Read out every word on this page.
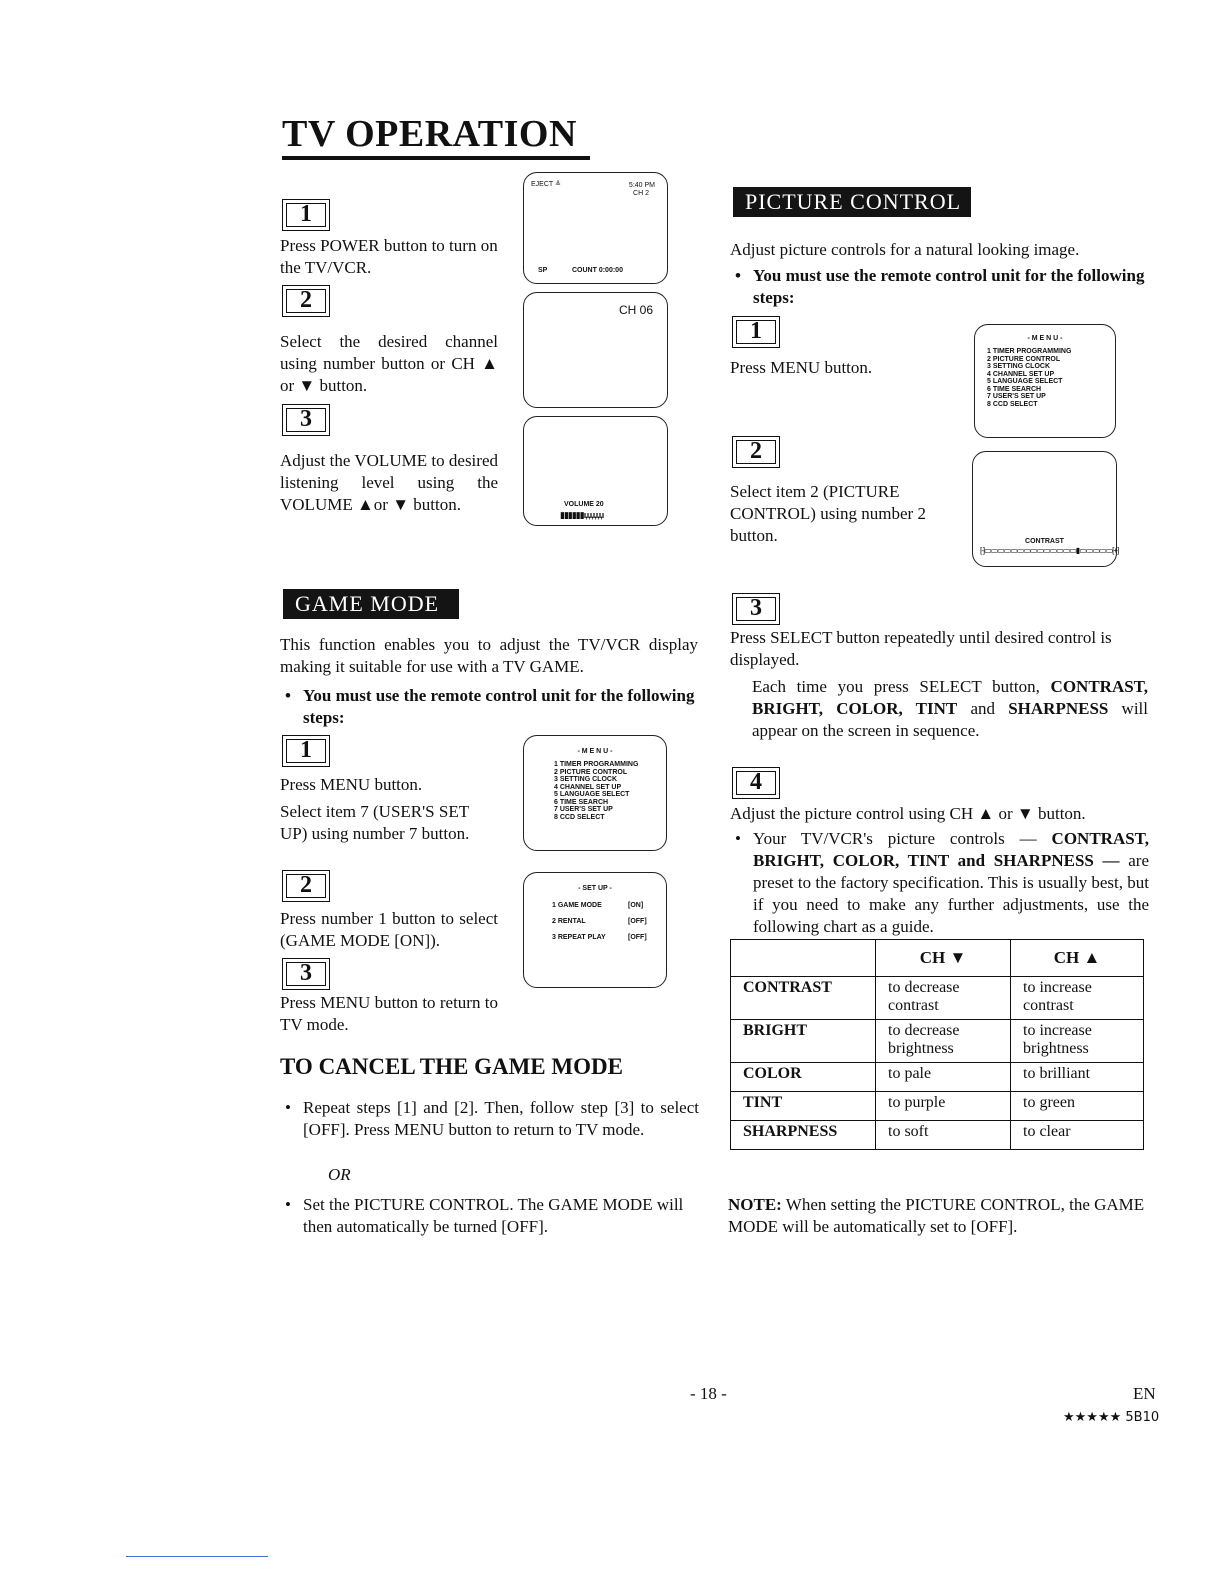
TV OPERATION
1
Press POWER button to turn on the TV/VCR.
2
Select the desired channel using number button or CH ▲ or ▼ button.
3
Adjust the VOLUME to desired listening level using the VOLUME ▲or ▼ button.
EJECT ≜	5:40 PM
CH 2
SP	COUNT 0:00:00
CH 06
VOLUME 20
▮▮▮▮▮▮ı,ı,ı,ı,ı,ı,ı
GAME MODE
This function enables you to adjust the TV/VCR display making it suitable for use with a TV GAME.
• You must use the remote control unit for the following steps:
1
Press MENU button.
Select item 7 (USER'S SET UP) using number 7 button.
2
Press number 1 button to select (GAME MODE [ON]).
3
Press MENU button to return to TV mode.
- M E N U -
1 TIMER PROGRAMMING
2 PICTURE CONTROL
3 SETTING CLOCK
4 CHANNEL SET UP
5 LANGUAGE SELECT
6 TIME SEARCH
7 USER'S SET UP
8 CCD SELECT
- SET UP -
1 GAME MODE	[ON]
2 RENTAL	[OFF]
3 REPEAT PLAY	[OFF]
TO CANCEL THE GAME MODE
• Repeat steps [1] and [2]. Then, follow step [3] to select [OFF]. Press MENU button to return to TV mode.
OR
• Set the PICTURE CONTROL. The GAME MODE will then automatically be turned [OFF].
PICTURE CONTROL
Adjust picture controls for a natural looking image.
• You must use the remote control unit for the following steps:
1
Press MENU button.
2
Select item 2 (PICTURE CONTROL) using number 2 button.
- M E N U -
1 TIMER PROGRAMMING
2 PICTURE CONTROL
3 SETTING CLOCK
4 CHANNEL SET UP
5 LANGUAGE SELECT
6 TIME SEARCH
7 USER'S SET UP
8 CCD SELECT
CONTRAST
[-]▭▭▭▭▭▭▭▭▭▭▭▭▭▭▮▭▭▭▭▭[+]
3
Press SELECT button repeatedly until desired control is displayed.
Each time you press SELECT button, CONTRAST, BRIGHT, COLOR, TINT and SHARPNESS will appear on the screen in sequence.
4
Adjust the picture control using CH ▲ or ▼ button.
• Your TV/VCR's picture controls — CONTRAST, BRIGHT, COLOR, TINT and SHARPNESS — are preset to the factory specification. This is usually best, but if you need to make any further adjustments, use the following chart as a guide.
	CH ▼	CH ▲
CONTRAST	to decrease contrast	to increase contrast
BRIGHT	to decrease brightness	to increase brightness
COLOR	to pale	to brilliant
TINT	to purple	to green
SHARPNESS	to soft	to clear
NOTE: When setting the PICTURE CONTROL, the GAME MODE will be automatically set to [OFF].
- 18 -	EN
★★★★★ 5B10
